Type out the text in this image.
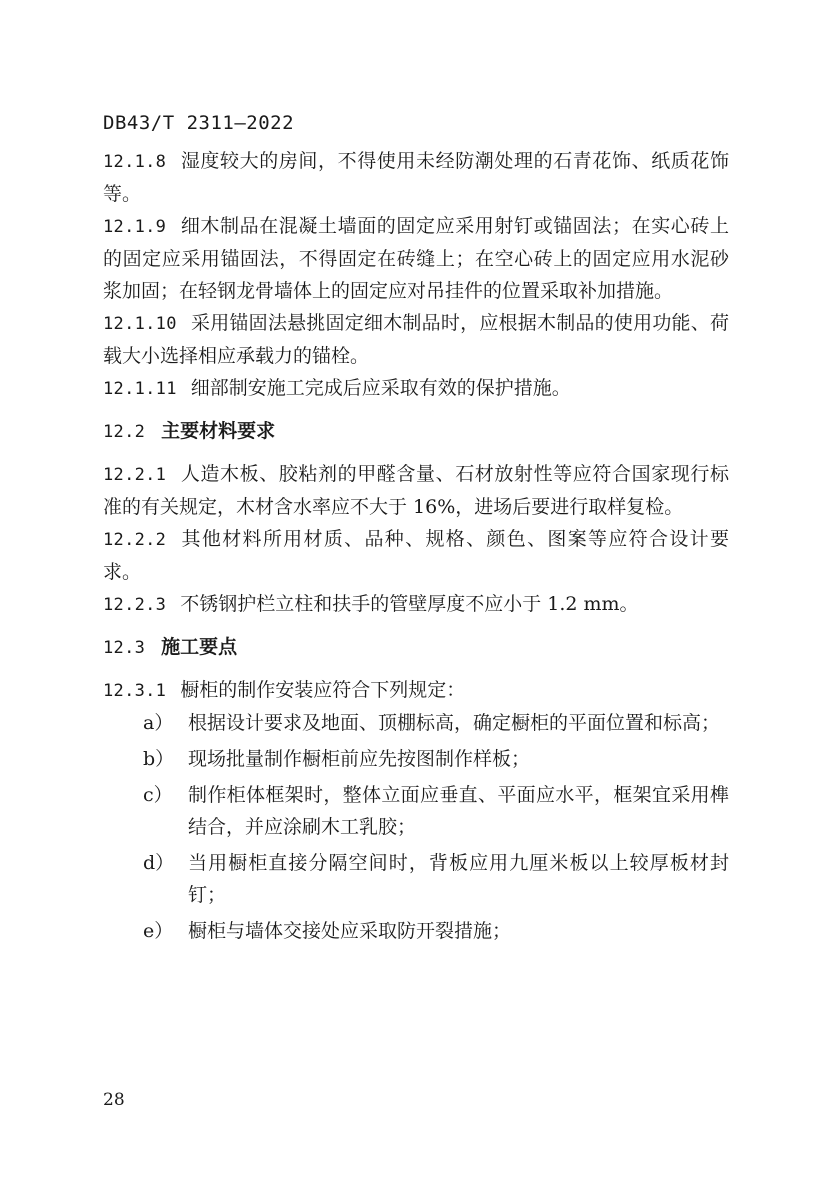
DB43/T 2311—2022

12.1.8 湿度较大的房间，不得使用未经防潮处理的石青花饰、纸质花饰等。

12.1.9 细木制品在混凝土墙面的固定应采用射钉或锚固法；在实心砖上的固定应采用锚固法，不得固定在砖缝上；在空心砖上的固定应用水泥砂浆加固；在轻钢龙骨墙体上的固定应对吊挂件的位置采取补加措施。

12.1.10 采用锚固法悬挑固定细木制品时，应根据木制品的使用功能、荷载大小选择相应承载力的锚栓。

12.1.11 细部制安施工完成后应采取有效的保护措施。

12.2 主要材料要求

12.2.1 人造木板、胶粘剂的甲醛含量、石材放射性等应符合国家现行标准的有关规定，木材含水率应不大于 16%，进场后要进行取样复检。

12.2.2 其他材料所用材质、品种、规格、颜色、图案等应符合设计要求。

12.2.3 不锈钢护栏立柱和扶手的管壁厚度不应小于 1.2 mm。

12.3 施工要点

12.3.1 橱柜的制作安装应符合下列规定：

a） 根据设计要求及地面、顶棚标高，确定橱柜的平面位置和标高；
b） 现场批量制作橱柜前应先按图制作样板；
c） 制作柜体框架时，整体立面应垂直、平面应水平，框架宜采用榫结合，并应涂刷木工乳胶；
d） 当用橱柜直接分隔空间时，背板应用九厘米板以上较厚板材封钉；
e） 橱柜与墙体交接处应采取防开裂措施；
28
